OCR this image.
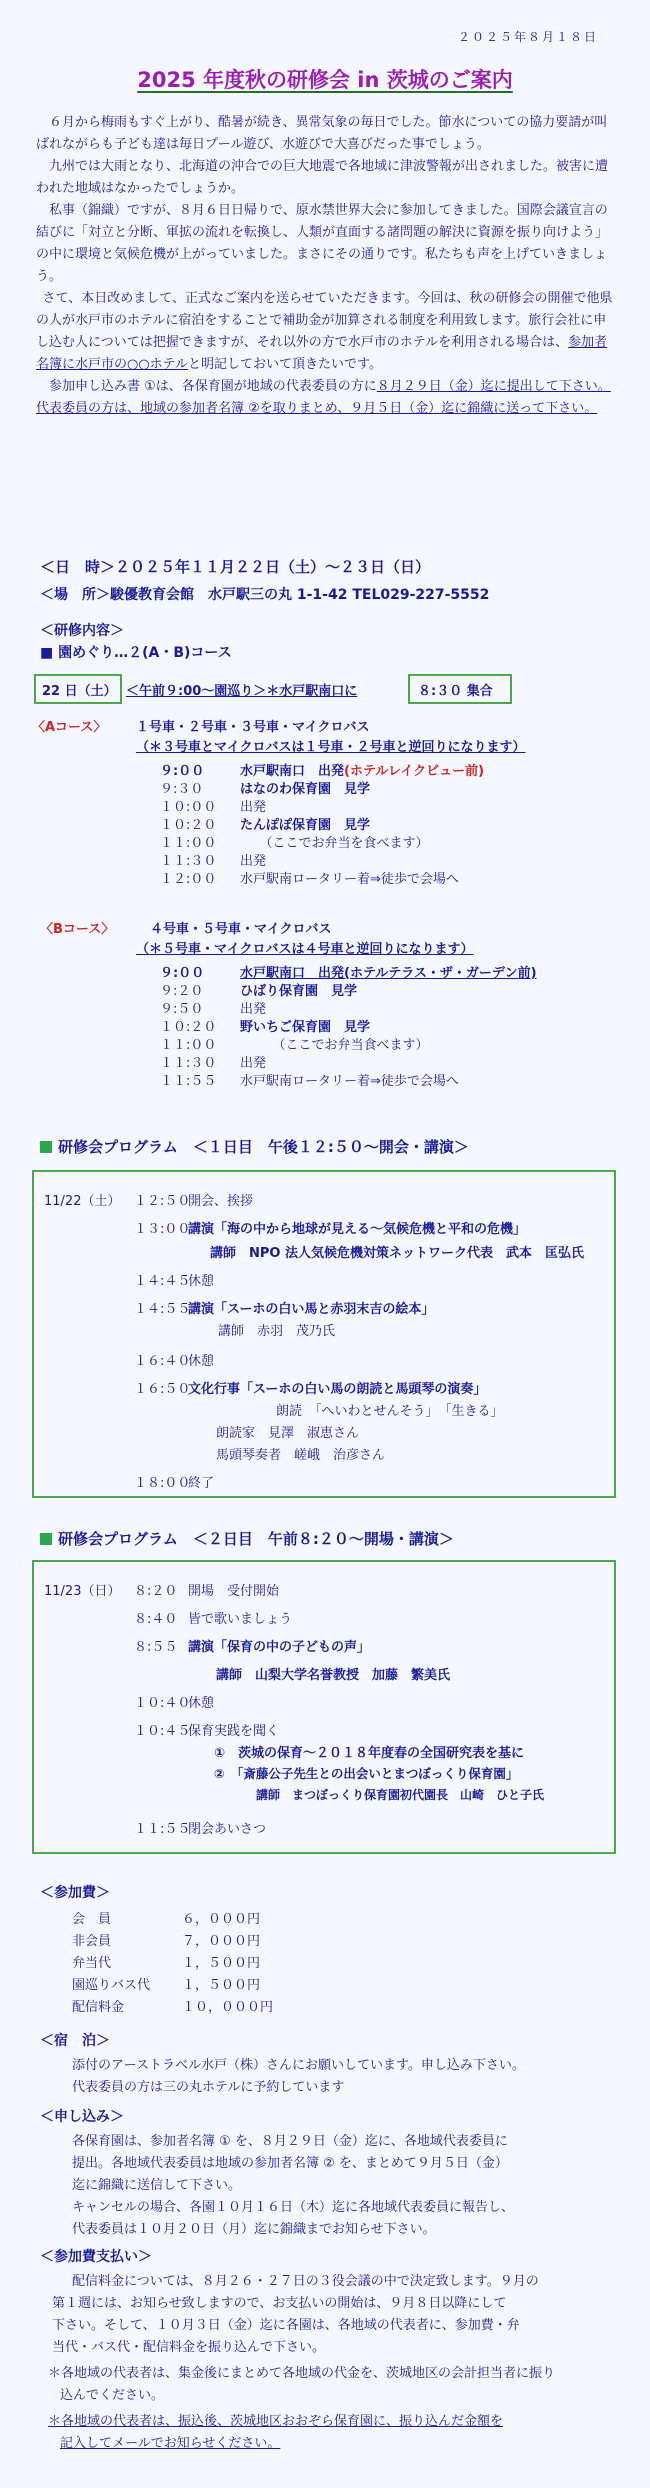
２０２５年８月１８日
2025 年度秋の研修会 in 茨城のご案内

６月から梅雨もすぐ上がり、酷暑が続き、異常気象の毎日でした。節水についての協力要請が叫ばれながらも子ども達は毎日プール遊び、水遊びで大喜びだった事でしょう。

九州では大雨となり、北海道の沖合での巨大地震で各地域に津波警報が出されました。被害に遭われた地域はなかったでしょうか。

私事（錦織）ですが、８月６日日帰りで、原水禁世界大会に参加してきました。国際会議宣言の結びに「対立と分断、軍拡の流れを転換し、人類が直面する諸問題の解決に資源を振り向けよう」の中に環境と気候危機が上がっていました。まさにその通りです。私たちも声を上げていきましょう。

さて、本日改めまして、正式なご案内を送らせていただきます。今回は、秋の研修会の開催で他県の人が水戸市のホテルに宿泊をすることで補助金が加算される制度を利用致します。旅行会社に申し込む人については把握できますが、それ以外の方で水戸市のホテルを利用される場合は、参加者名簿に水戸市の○○ホテルと明記しておいて頂きたいです。

参加申し込み書 ①は、各保育園が地域の代表委員の方に８月２９日（金）迄に提出して下さい。代表委員の方は、地域の参加者名簿 ②を取りまとめ、９月５日（金）迄に錦織に送って下さい。

＜日　時＞２０２５年１１月２２日（土）～２３日（日）
＜場　所＞駿優教育会館　水戸駅三の丸 1-1-42 TEL029-227-5552
＜研修内容＞
■ 園めぐり…２(A・B)コース
22 日（土） ＜午前９:00～園巡り＞＊水戸駅南口に	８:３０ 集合
〈Aコース〉 １号車・２号車・３号車・マイクロバス
（＊３号車とマイクロバスは１号車・２号車と逆回りになります）
９:００	水戸駅南口　出発(ホテルレイクビュー前)
９:３０	はなのわ保育園　見学
１０:００ 出発
１０:２０ たんぽぽ保育園　見学
１１:００　　（ここでお弁当を食べます）
１１:３０ 出発
１２:００ 水戸駅南ロータリー着⇒徒歩で会場へ
〈Bコース〉	４号車・５号車・マイクロバス
（＊５号車・マイクロバスは４号車と逆回りになります）
９:００	水戸駅南口　出発(ホテルテラス・ザ・ガーデン前)
９:２０	ひばり保育園　見学
９:５０	出発
１０:２０ 野いちご保育園　見学
１１:００　　　（ここでお弁当食べます）
１１:３０ 出発
１１:５５ 水戸駅南ロータリー着⇒徒歩で会場へ
研修会プログラム　＜１日目　午後１２:５０～開会・講演＞
11/22（土） １２:５０開会、挨拶
１３:００講演「海の中から地球が見える～気候危機と平和の危機」
講師　NPO 法人気候危機対策ネットワーク代表　武本　匡弘氏
１４:４５休憩
１４:５５講演「スーホの白い馬と赤羽末吉の絵本」
講師　赤羽　茂乃氏
１６:４０休憩
１６:５０文化行事「スーホの白い馬の朗読と馬頭琴の演奏」
朗読　「へいわとせんそう」　「生きる」
朗読家　見澤　淑恵さん
馬頭琴奏者　嵯峨　治彦さん
１８:００終了
研修会プログラム　＜２日目　午前８:２０～開場・講演＞
11/23（日） ８:２０ 開場　受付開始
８:４０ 皆で歌いましょう
８:５５ 講演「保育の中の子どもの声」
講師　山梨大学名誉教授　加藤　繁美氏
１０:４０休憩
１０:４５保育実践を聞く
①　茨城の保育～２０１８年度春の全国研究表を基に
②　「斎藤公子先生との出会いとまつぼっくり保育園」
講師　まつぼっくり保育園初代園長　山崎　ひと子氏
１１:５５閉会あいさつ
＜参加費＞
会　員	６，０００円
非会員	７，０００円
弁当代	１，５００円
園巡りバス代 １，５００円
配信料金	１０，０００円
＜宿　泊＞
添付のアーストラベル水戸（株）さんにお願いしています。申し込み下さい。
代表委員の方は三の丸ホテルに予約しています
＜申し込み＞
各保育園は、参加者名簿 ① を、８月２９日（金）迄に、各地域代表委員に
提出。各地域代表委員は地域の参加者名簿 ② を、まとめて９月５日（金）
迄に錦織に送信して下さい。
キャンセルの場合、各園１０月１６日（木）迄に各地域代表委員に報告し、
代表委員は１０月２０日（月）迄に錦織までお知らせ下さい。
＜参加費支払い＞
配信料金については、８月２６・２７日の３役会議の中で決定致します。９月の
第１週には、お知らせ致しますので、お支払いの開始は、９月８日以降にして
下さい。そして、１０月３日（金）迄に各園は、各地域の代表者に、参加費・弁
当代・バス代・配信料金を振り込んで下さい。
＊各地域の代表者は、集金後にまとめて各地域の代金を、茨城地区の会計担当者に振り
込んでください。
＊各地域の代表者は、振込後、茨城地区おおぞら保育園に、振り込んだ金額を
記入してメールでお知らせください。
